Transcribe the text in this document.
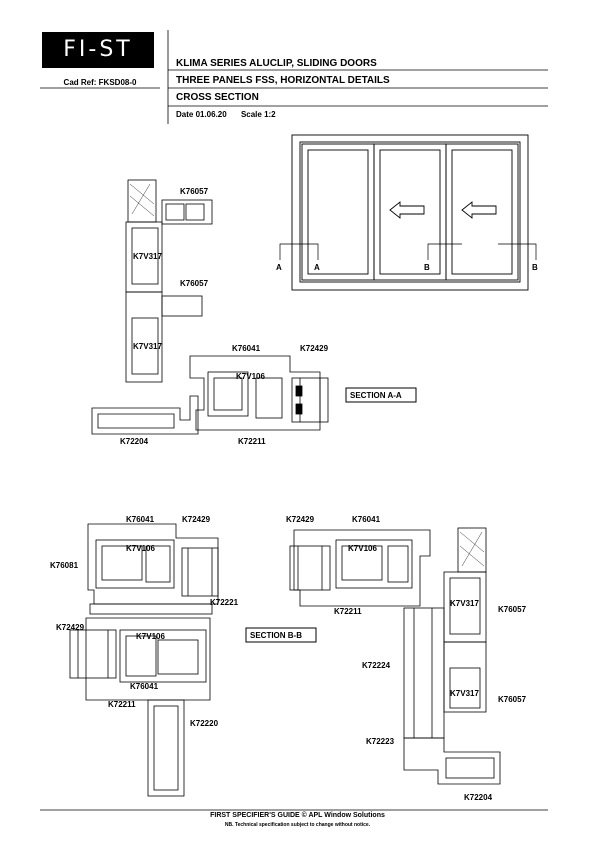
FI-ST
Cad Ref: FKSD08-0
KLIMA SERIES ALUCLIP, SLIDING DOORS
THREE PANELS FSS, HORIZONTAL DETAILS
CROSS SECTION
Date 01.06.20 Scale 1:2
A	A	B	B
SECTION A-A
K76057
K7V317
K76057
K7V317	K76041	K72429
K7V106
K72204	K72211
K76041	K72429
K7V106
K76081
K72221
K72429
K7V106
K76041
K72211
K72220
SECTION B-B
K72429	K76041
K7V106
K72211
K7V317
K76057
K72224
K7V317
K76057
K72223
K72204
FIRST SPECIFIER'S GUIDE © APL Window Solutions
NB. Technical specification subject to change without notice.
